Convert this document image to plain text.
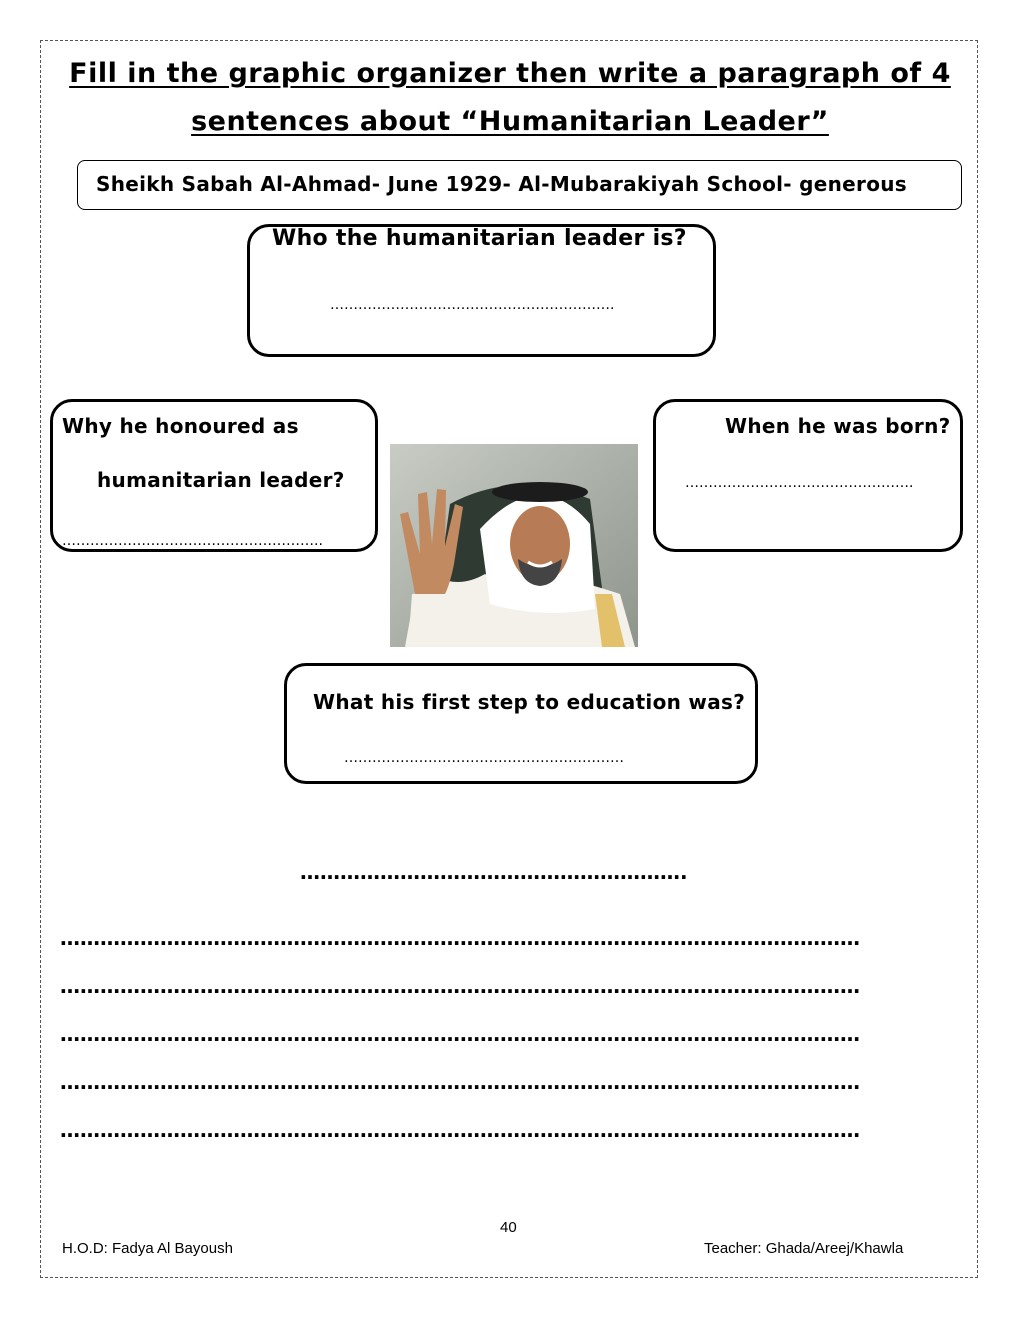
Fill in the graphic organizer then write a paragraph of 4
sentences about “Humanitarian Leader”
Sheikh Sabah Al-Ahmad- June 1929- Al-Mubarakiyah School- generous
Who the humanitarian leader is?
…………………………………………………….
Why he honoured as
humanitarian leader?
………………………………………………..
When he was born?
………………………………………….
What his first step to education was?
……………………………………………………
………………………………………………….
…………………………………………………………………………………………………………
…………………………………………………………………………………………………………
…………………………………………………………………………………………………………
…………………………………………………………………………………………………………
…………………………………………………………………………………………………………
40
H.O.D: Fadya Al Bayoush	Teacher: Ghada/Areej/Khawla
